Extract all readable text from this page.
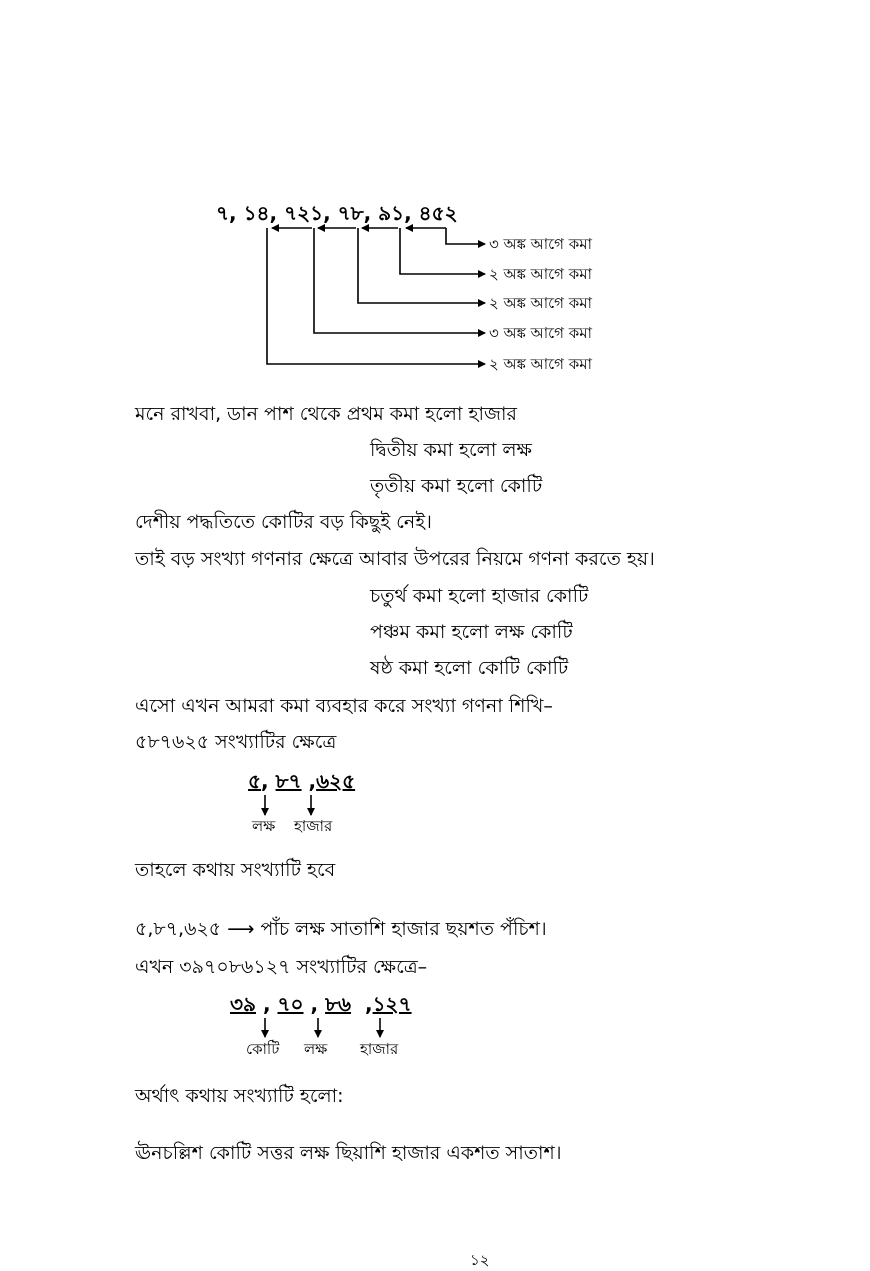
৭, ১৪, ৭২১, ৭৮, ৯১, ৪৫২
৩ অঙ্ক আগে কমা
২ অঙ্ক আগে কমা
২ অঙ্ক আগে কমা
৩ অঙ্ক আগে কমা
২ অঙ্ক আগে কমা
মনে রাখবা, ডান পাশ থেকে প্রথম কমা হলো হাজার
দ্বিতীয় কমা হলো লক্ষ
তৃতীয় কমা হলো কোটি
দেশীয় পদ্ধতিতে কোটির বড় কিছুই নেই।
তাই বড় সংখ্যা গণনার ক্ষেত্রে আবার উপরের নিয়মে গণনা করতে হয়।
চতুর্থ কমা হলো হাজার কোটি
পঞ্চম কমা হলো লক্ষ কোটি
ষষ্ঠ কমা হলো কোটি কোটি
এসো এখন আমরা কমা ব্যবহার করে সংখ্যা গণনা শিখি–
৫৮৭৬২৫ সংখ্যাটির ক্ষেত্রে
৫, ৮৭ ,৬২৫
লক্ষ হাজার
তাহলে কথায় সংখ্যাটি হবে
৫,৮৭,৬২৫ ⟶ পাঁচ লক্ষ সাতাশি হাজার ছয়শত পঁচিশ।
এখন ৩৯৭০৮৬১২৭ সংখ্যাটির ক্ষেত্রে–
৩৯ , ৭০ , ৮৬  ,১২৭
কোটি লক্ষ হাজার
অর্থাৎ কথায় সংখ্যাটি হলো:
ঊনচল্লিশ কোটি সত্তর লক্ষ ছিয়াশি হাজার একশত সাতাশ।
১২
